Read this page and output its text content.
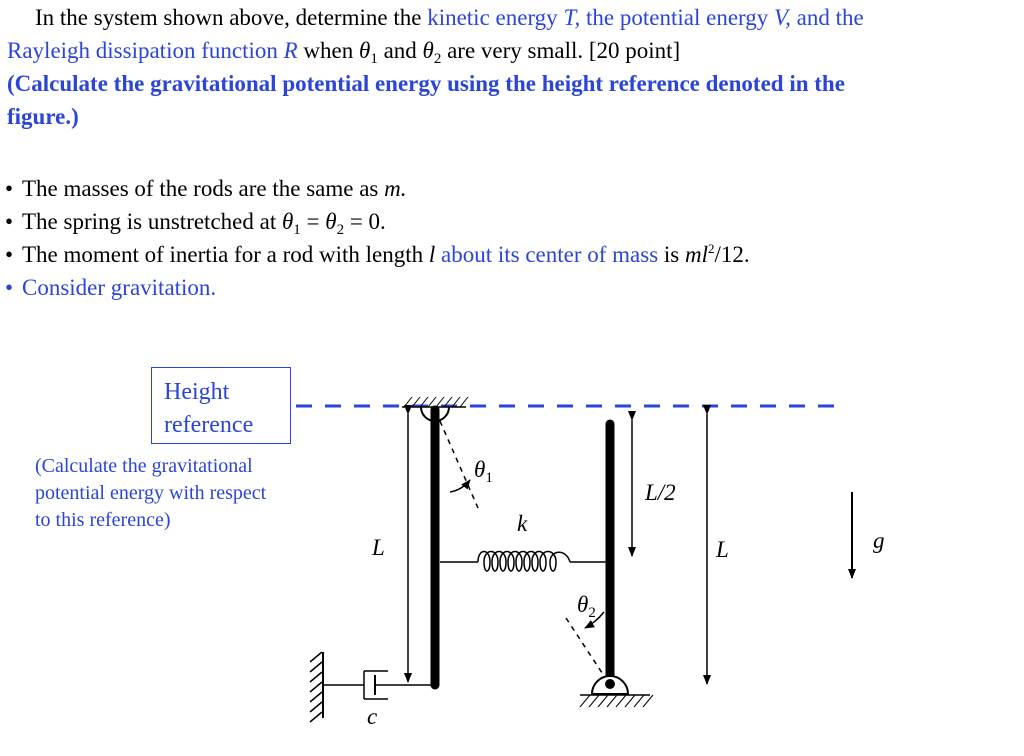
In the system shown above, determine the kinetic energy T, the potential energy V, and the
Rayleigh dissipation function R when $\theta_1$ and $\theta_2$ are very small. [20 point]
(Calculate the gravitational potential energy using the height reference denoted in the
figure.)
• The masses of the rods are the same as m.
• The spring is unstretched at $\theta_1 = \theta_2 = 0$.
• The moment of inertia for a rod with length l about its center of mass is $ml^2/12$.
• Consider gravitation.
Height
reference
(Calculate the gravitational
potential energy with respect
to this reference)
L
$\theta_1$
k
L/2
L	g
$\theta_2$
c
